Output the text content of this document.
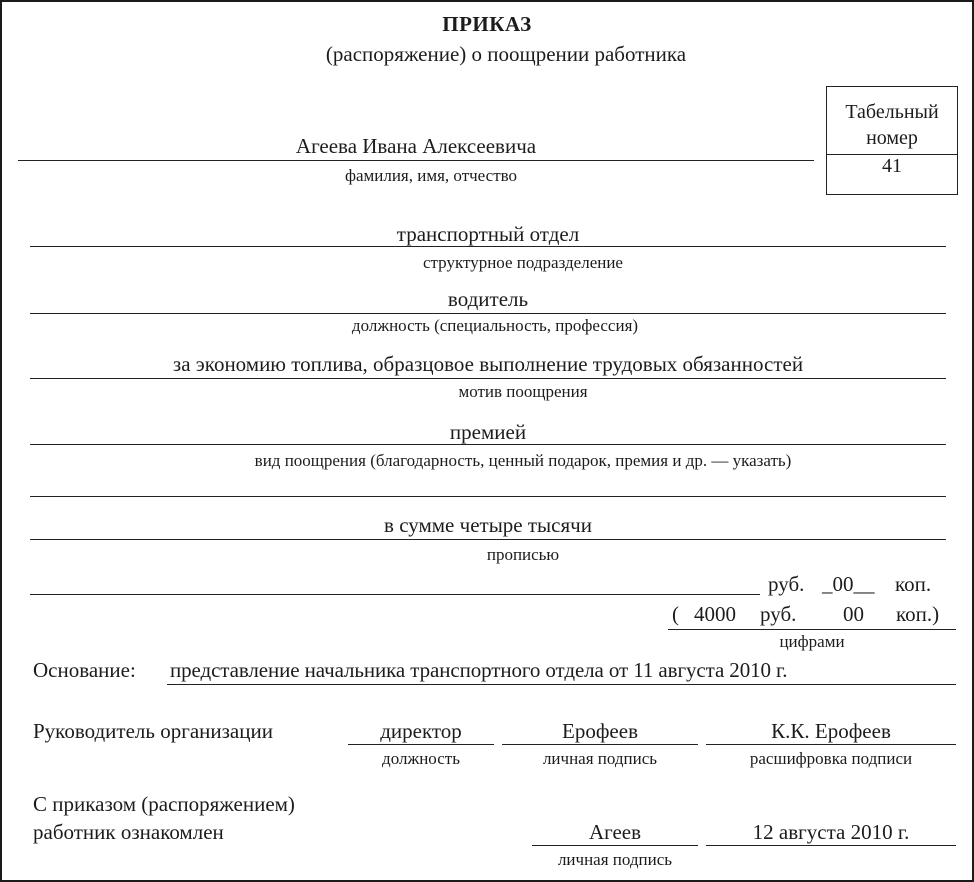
ПРИКАЗ
(распоряжение) о поощрении работника
Табельный
номер
41
Агеева Ивана Алексеевича
фамилия, имя, отчество
транспортный отдел
структурное подразделение
водитель
должность (специальность, профессия)
за экономию топлива, образцовое выполнение трудовых обязанностей
мотив поощрения
премией
вид поощрения (благодарность, ценный подарок, премия и др. — указать)
в сумме четыре тысячи
прописью
руб. _00__ коп.
( 4000 руб. 00 коп.)
цифрами
Основание: представление начальника транспортного отдела от 11 августа 2010 г.
Руководитель организации	директор
должность
Ерофеев
личная подпись
К.К. Ерофеев
расшифровка подписи
С приказом (распоряжением)
работник ознакомлен	Агеев
личная подпись
12 августа 2010 г.
